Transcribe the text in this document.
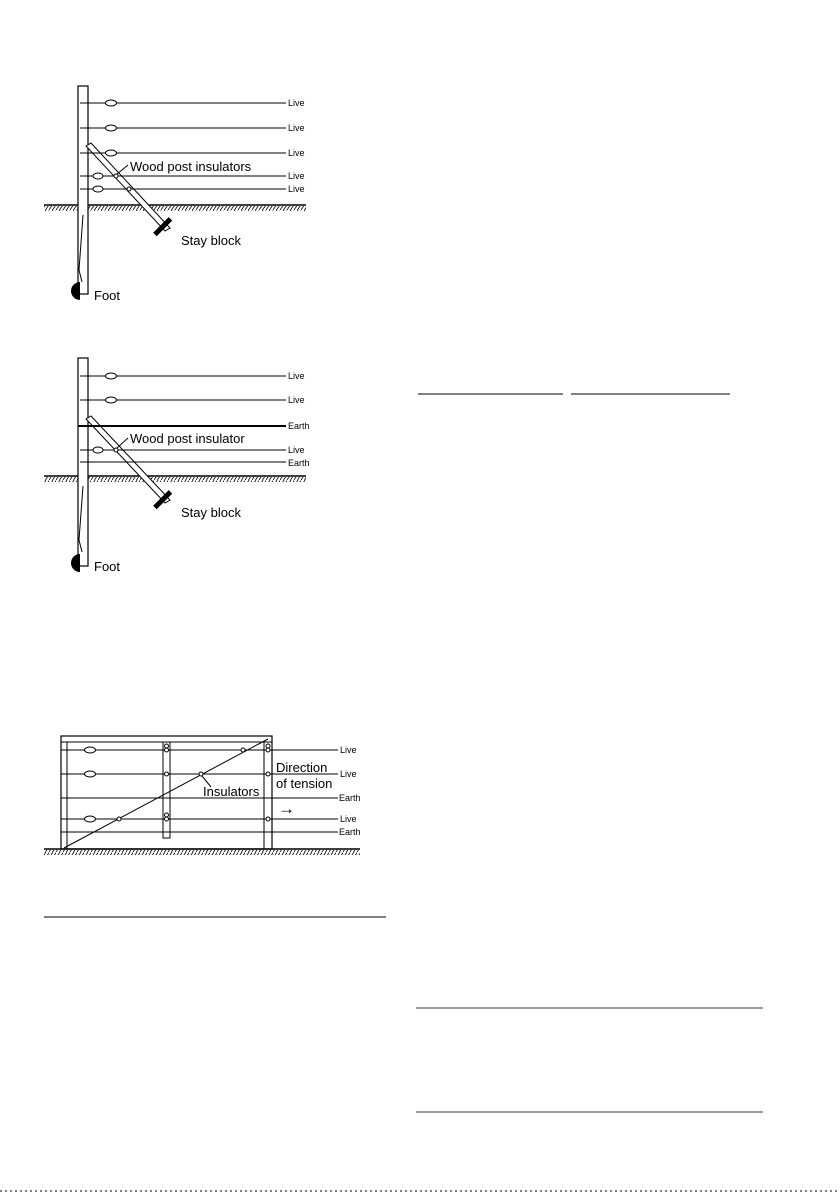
Live
Live
Live
Live
Live
Wood post insulators
Stay block
Foot
Live
Live
Earth
Live
Earth
Wood post insulator
Stay block
Foot
Live
Live
Earth
Live
Earth
Insulators
Direction
of tension
→
